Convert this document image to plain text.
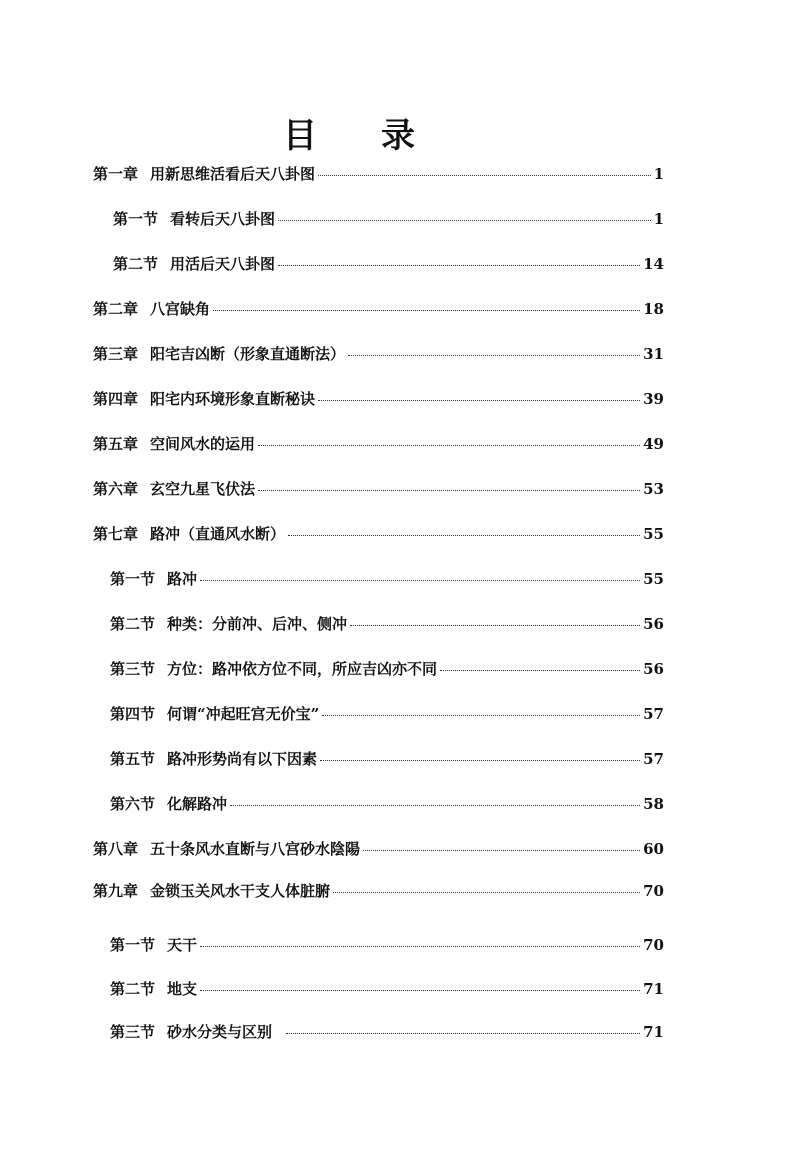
目 录
第一章 用新思维活看后天八卦图	1
第一节 看转后天八卦图	1
第二节 用活后天八卦图	14
第二章 八宫缺角	18
第三章 阳宅吉凶断（形象直通断法）	31
第四章 阳宅内环境形象直断秘诀	39
第五章 空间风水的运用	49
第六章 玄空九星飞伏法	53
第七章 路冲（直通风水断）	55
第一节 路冲	55
第二节 种类：分前冲、后冲、侧冲	56
第三节 方位：路冲依方位不同，所应吉凶亦不同	56
第四节 何谓“冲起旺宫无价宝”	57
第五节 路冲形势尚有以下因素	57
第六节 化解路冲	58
第八章 五十条风水直断与八宫砂水陰陽	60
第九章 金锁玉关风水干支人体脏腑	70
第一节 天干	70
第二节 地支	71
第三节 砂水分类与区别	71
